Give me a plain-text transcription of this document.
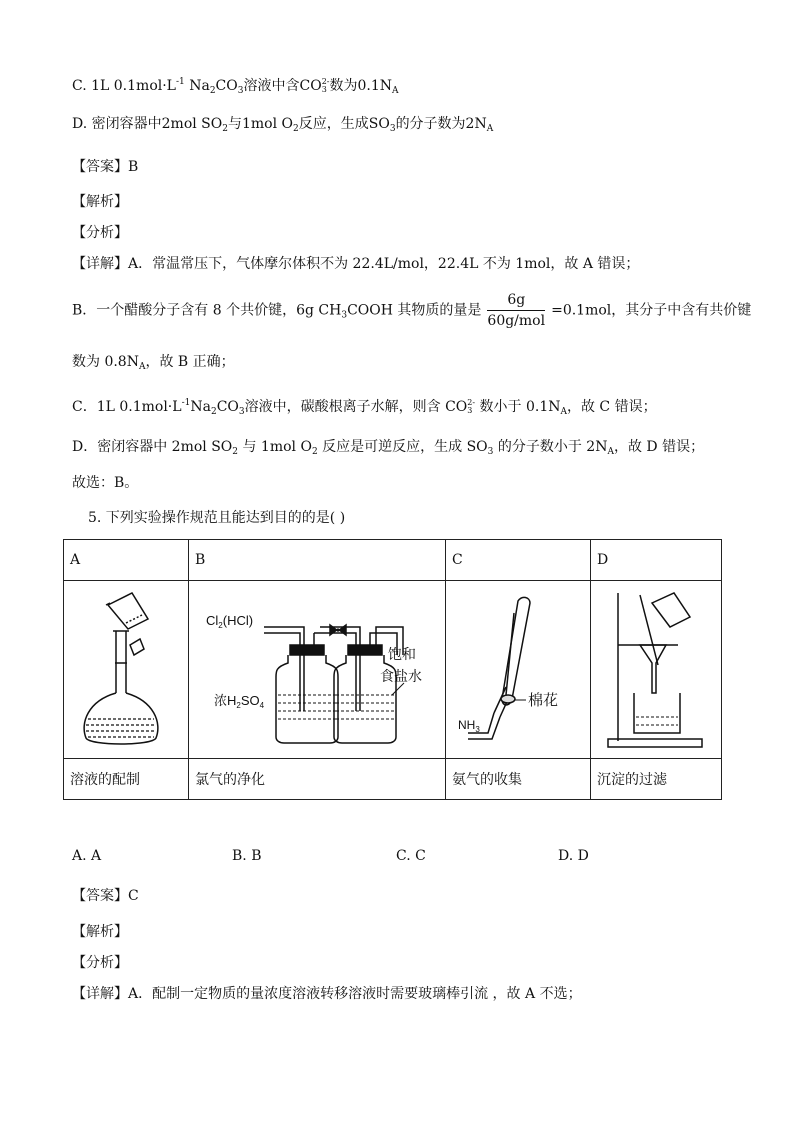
C. 1L $0.1mol\cdot L^{-1}$ $Na_2CO_3$溶液中含CO 2-
3 数为$0.1N_A$
D. 密闭容器中2mol $SO_2$与1mol $O_2$反应，生成$SO_3$的分子数为$2N_A$
【答案】B
【解析】
【分析】
【详解】A．常温常压下，气体摩尔体积不为 22.4L/mol，22.4L 不为 1mol，故 A 错误；
B．一个醋酸分子含有 8 个共价键，6g $CH_3COOH$ 其物质的量是 $\frac{6g}{\text{60g/mol}} =0.1mol$，其分子中含有共价键
数为 $0.8N_A$，故 B 正确；
C．1L $0.1mol\cdot L^{-1}Na_2CO_3$溶液中，碳酸根离子水解，则含 CO 2-
3 数小于 $0.1N_A$，故 C 错误；
D．密闭容器中 2mol $SO_2$ 与 1mol $O_2$ 反应是可逆反应，生成 $SO_3$ 的分子数小于 $2N_A$，故 D 错误；
故选：B。
5. 下列实验操作规范且能达到目的的是( )
A	B	C	D

$Cl_2(HCl)$
浓$H_2SO_4$
饱和
食盐水	棉花
$NH_3$

溶液的配制	氯气的净化	氨气的收集	沉淀的过滤
A. A	B. B	C. C	D. D
【答案】C
【解析】
【分析】
【详解】A．配制一定物质的量浓度溶液转移溶液时需要玻璃棒引流 ，故 A 不选；
